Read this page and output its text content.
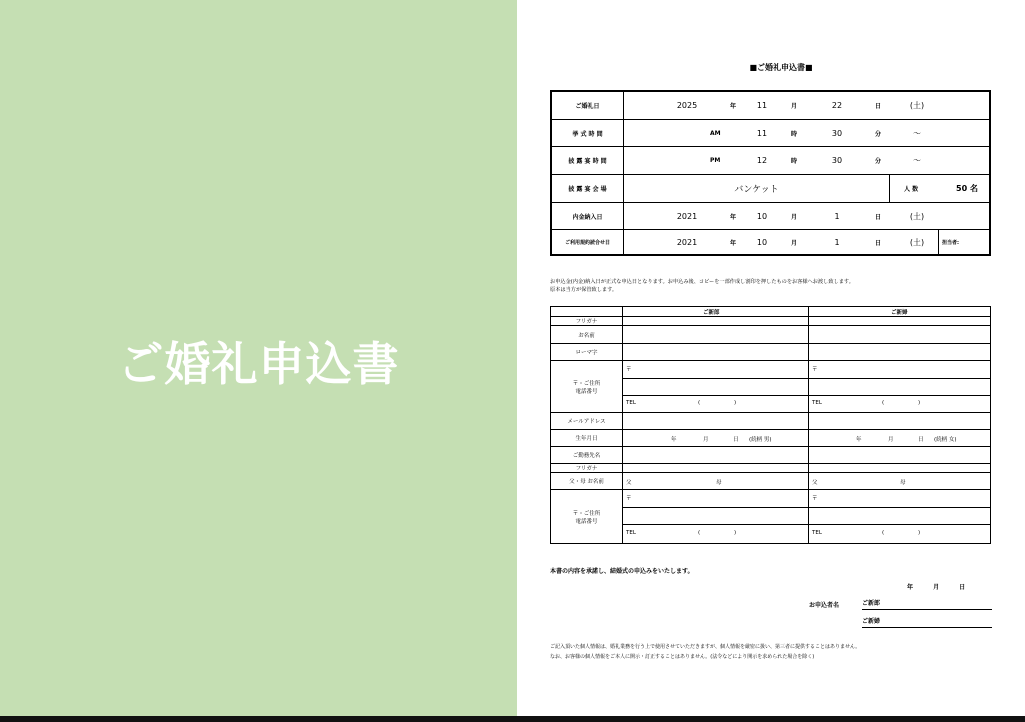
ご婚礼申込書
■ご婚礼申込書■
ご婚礼日	2025	年	11	月	22	日	(土)
挙 式 時 間	AM	11	時	30	分	〜
披 露 宴 時 間	PM	12	時	30	分	〜
披 露 宴 会 場	バンケット	人 数	50 名
内金納入日	2021	年	10	月	1	日	(土)
ご利用規約読合せ日	2021	年	10	月	1	日	(土)	担当者:
お申込金(内金)納入日が正式な申込日となります。お申込み後、コピーを一部作成し割印を押したものをお客様へお渡し致します。
原本は当方が保管致します。
ご新郎	ご新婦
フリガナ
お名前
ローマ字
〒・ご住所
電話番号
〒	〒
TEL	(	)	TEL	(	)
メールアドレス
生年月日	年	月	日 (続柄 男)	年	月	日 (続柄 女)
ご勤務先名
フリガナ
父・母 お名前	父	母	父	母
〒・ご住所
電話番号
〒	〒
TEL	(	)	TEL	(	)
本書の内容を承諾し、結婚式の申込みをいたします。
年 月 日
お申込者名	ご新郎
ご新婦
ご記入頂いた個人情報は、婚礼業務を行う上で使用させていただきますが、個人情報を厳密に扱い、第三者に提供することはありません。
なお、お客様の個人情報をご本人に開示・訂正することはありません。(法令などにより開示を求められた場合を除く)
